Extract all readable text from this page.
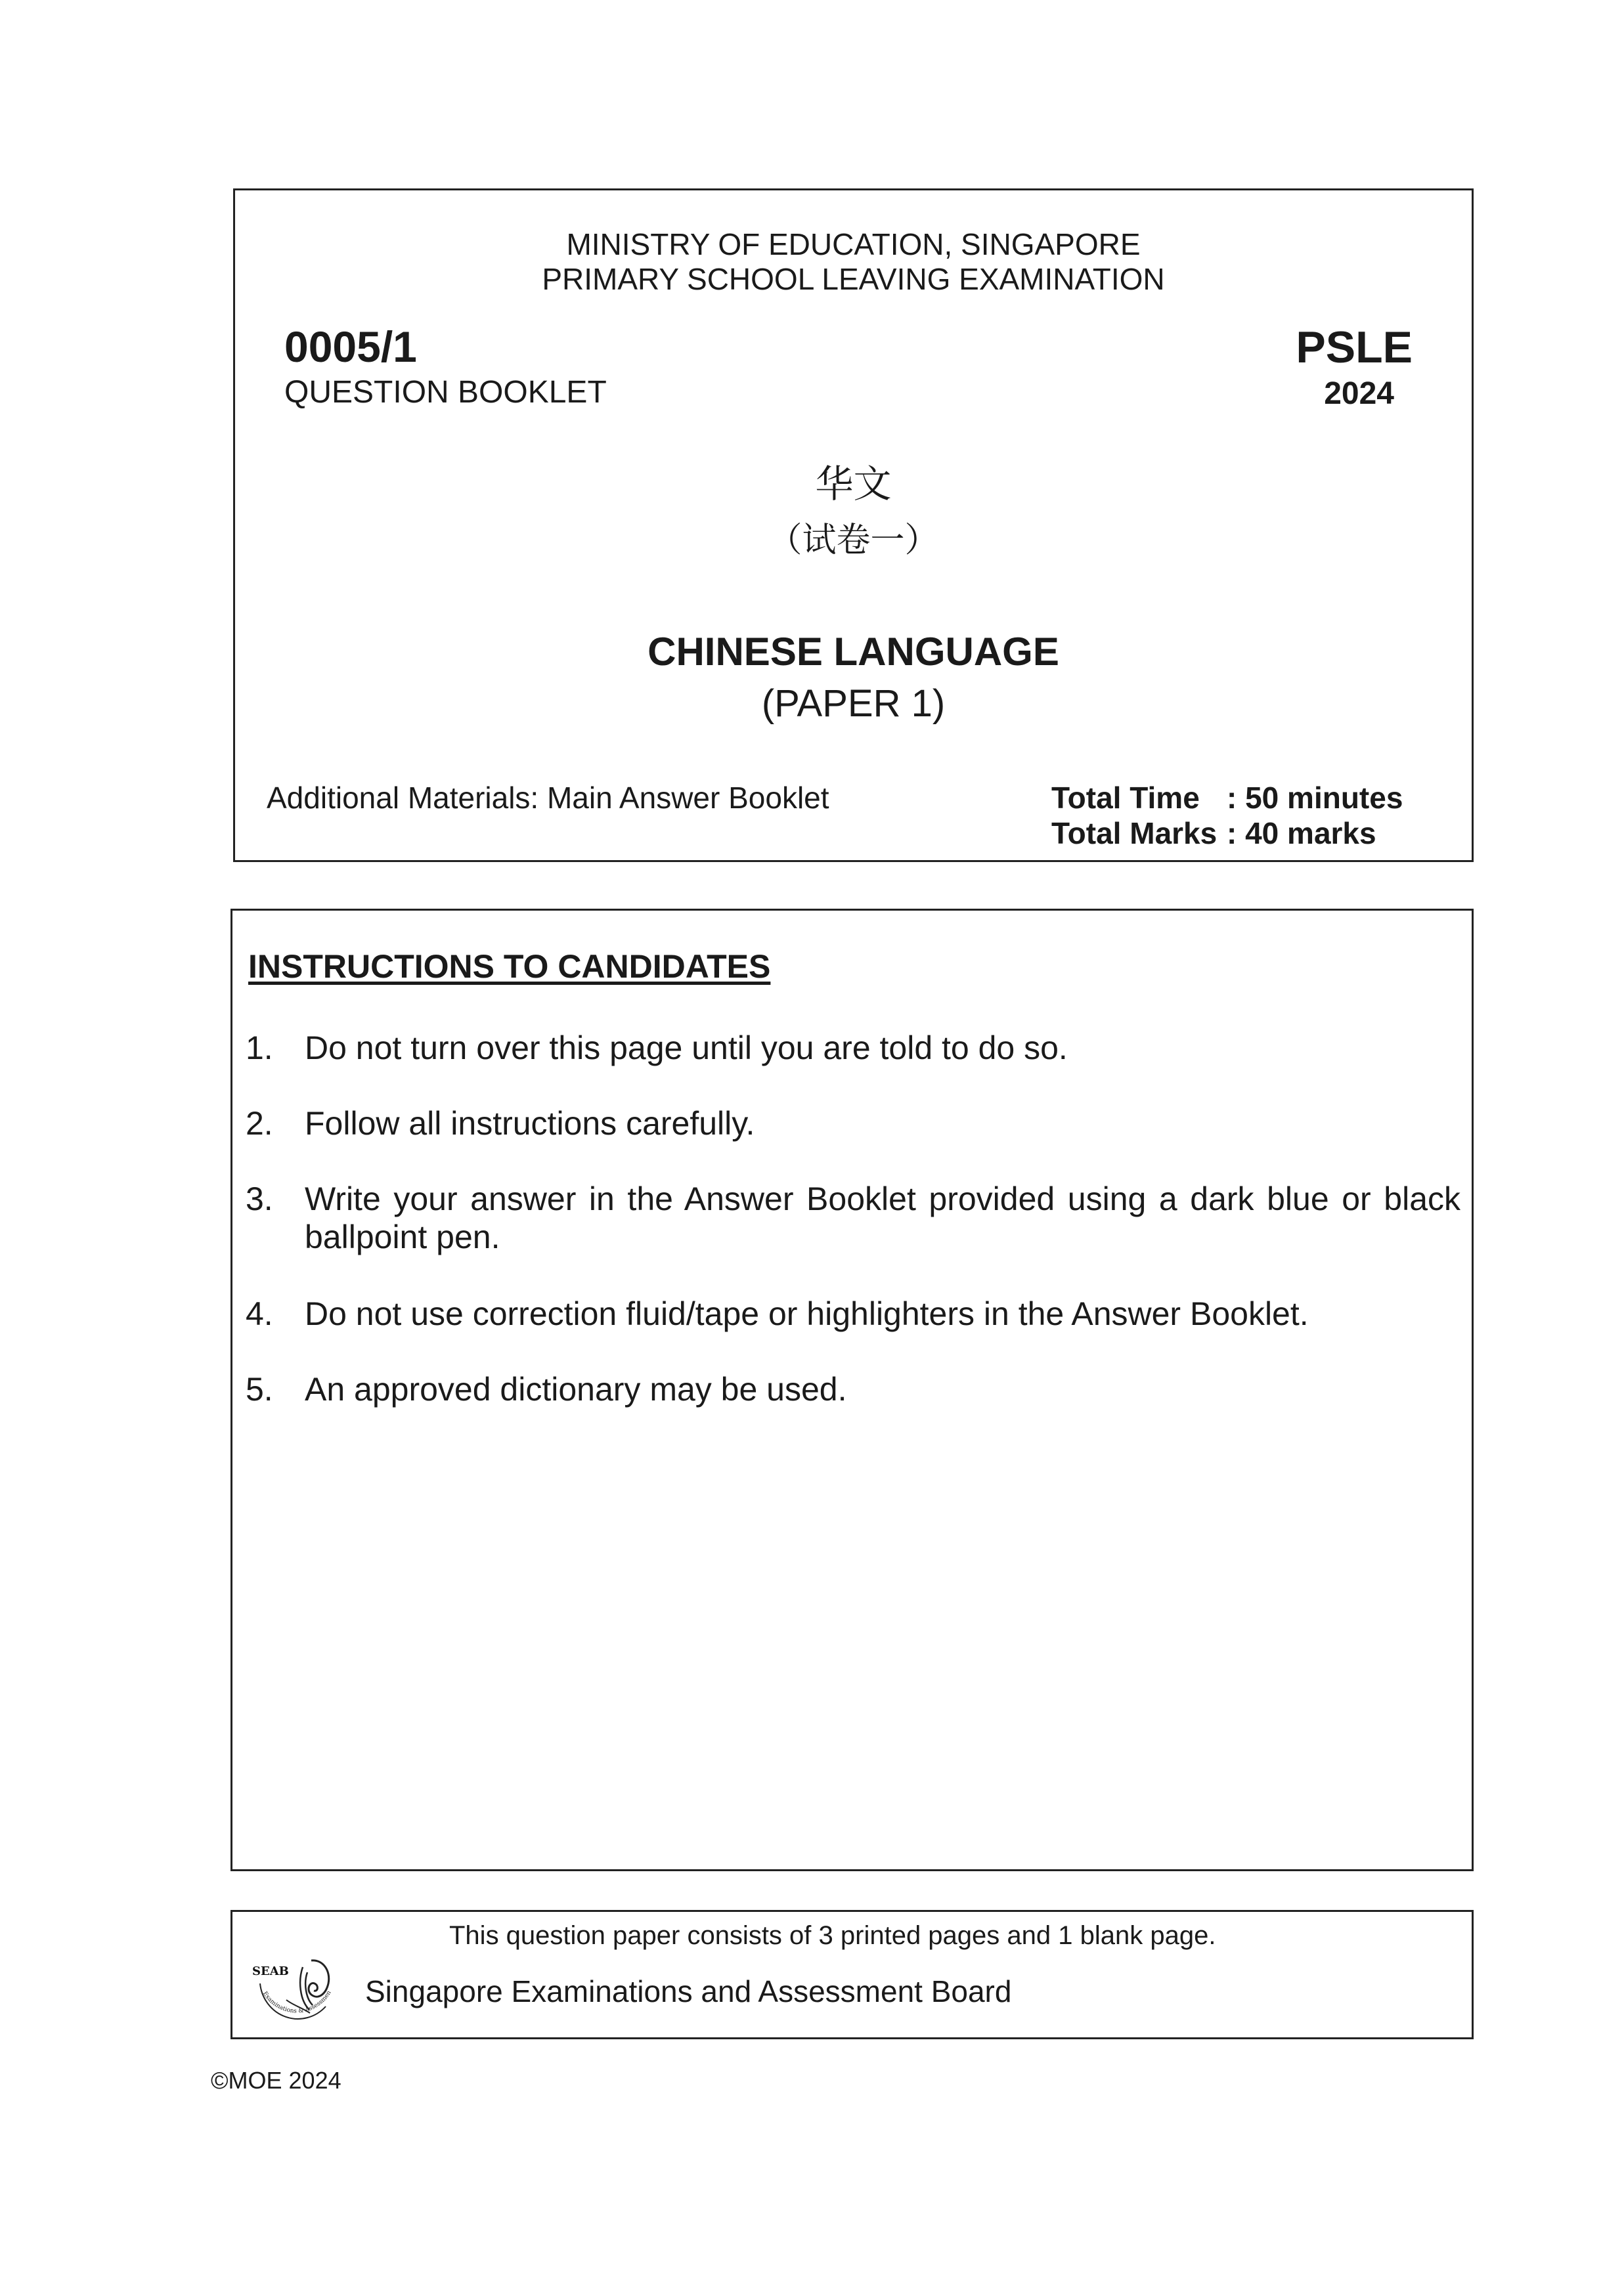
MINISTRY OF EDUCATION, SINGAPORE
PRIMARY SCHOOL LEAVING EXAMINATION
0005/1
QUESTION BOOKLET
PSLE
2024
华文
（试卷一）
CHINESE LANGUAGE
(PAPER 1)
Additional Materials: Main Answer Booklet	Total Time : 50 minutes
Total Marks : 40 marks
INSTRUCTIONS TO CANDIDATES
1. Do not turn over this page until you are told to do so.
2. Follow all instructions carefully.
3. Write your answer in the Answer Booklet provided using a dark blue or black ballpoint pen.
4. Do not use correction fluid/tape or highlighters in the Answer Booklet.
5. An approved dictionary may be used.
Examinations & Assessmen
SEAB
This question paper consists of 3 printed pages and 1 blank page.
Singapore Examinations and Assessment Board
©MOE 2024
